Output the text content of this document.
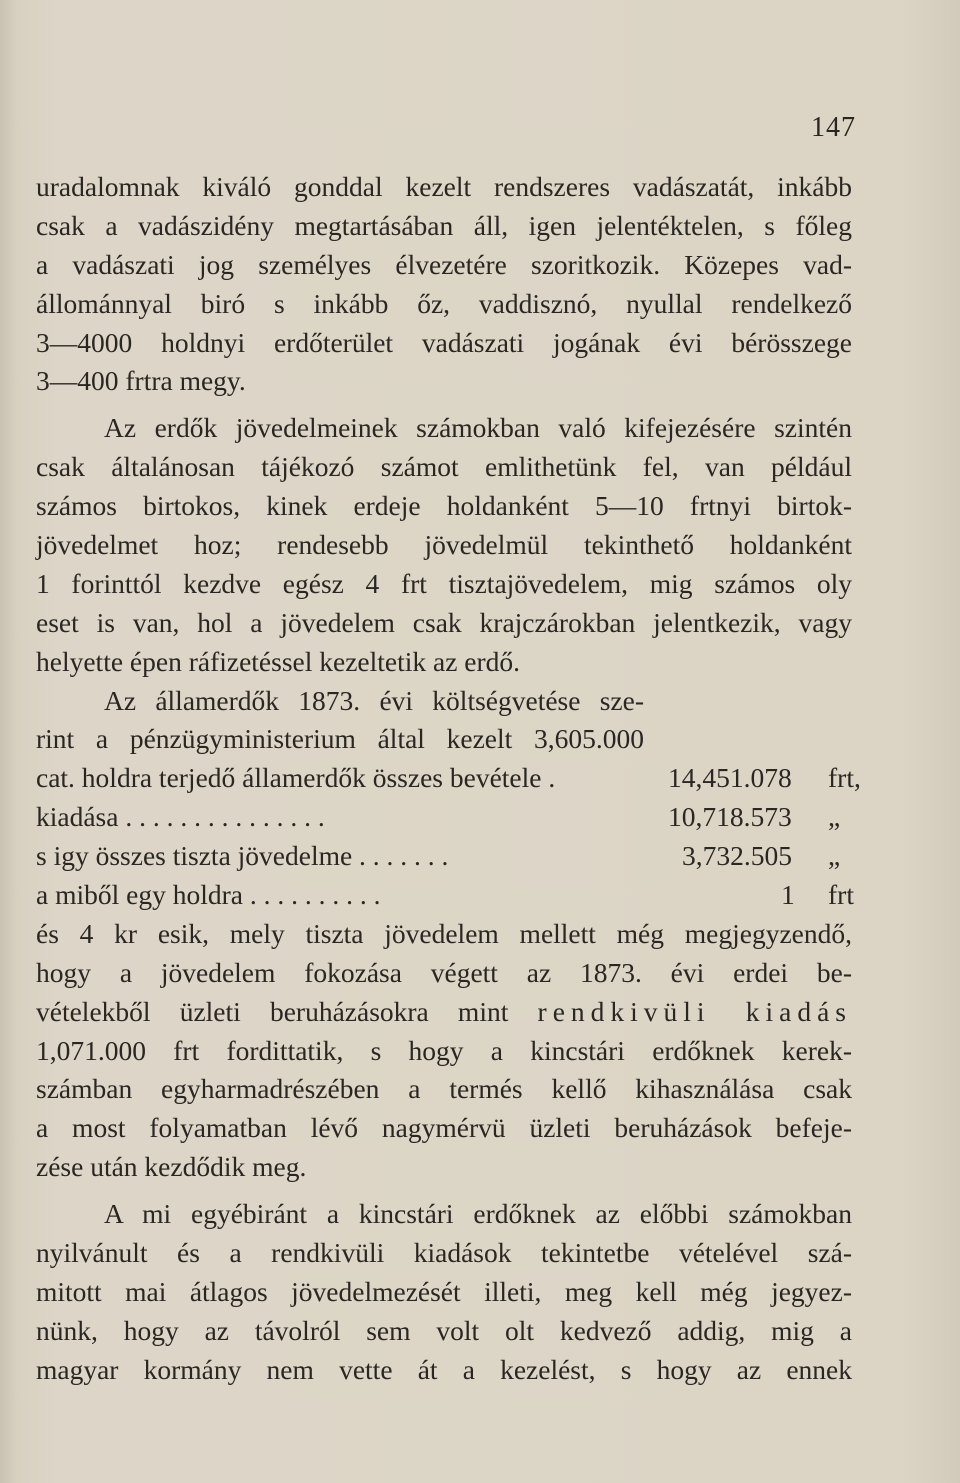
147
uradalomnak kiváló gonddal kezelt rendszeres vadászatát, inkább
csak a vadászidény megtartásában áll, igen jelentéktelen, s főleg
a vadászati jog személyes élvezetére szoritkozik. Közepes vad-
állománnyal biró s inkább őz, vaddisznó, nyullal rendelkező
3—4000 holdnyi erdőterület vadászati jogának évi bérösszege
3—400 frtra megy.
Az erdők jövedelmeinek számokban való kifejezésére szintén
csak általánosan tájékozó számot emlithetünk fel, van például
számos birtokos, kinek erdeje holdanként 5—10 frtnyi birtok-
jövedelmet hoz; rendesebb jövedelmül tekinthető holdanként
1 forinttól kezdve egész 4 frt tisztajövedelem, mig számos oly
eset is van, hol a jövedelem csak krajczárokban jelentkezik, vagy
helyette épen ráfizetéssel kezeltetik az erdő.
Az államerdők 1873. évi költségvetése sze-
rint a pénzügyministerium által kezelt 3,605.000
cat. holdra terjedő államerdők összes bevétele .	14,451.078 frt,
kiadása . . . . . . . . . . . . . . .	10,718.573 „
s igy összes tiszta jövedelme . . . . . . .	3,732.505 „
a miből egy holdra . . . . . . . . . .	1 frt
és 4 kr esik, mely tiszta jövedelem mellett még megjegyzendő,
hogy a jövedelem fokozása végett az 1873. évi erdei be-
vételekből üzleti beruházásokra mint rendkivüli kiadás
1,071.000 frt fordittatik, s hogy a kincstári erdőknek kerek-
számban egyharmadrészében a termés kellő kihasználása csak
a most folyamatban lévő nagymérvü üzleti beruházások befeje-
zése után kezdődik meg.
A mi egyébiránt a kincstári erdőknek az előbbi számokban
nyilvánult és a rendkivüli kiadások tekintetbe vételével szá-
mitott mai átlagos jövedelmezését illeti, meg kell még jegyez-
nünk, hogy az távolról sem volt olt kedvező addig, mig a
magyar kormány nem vette át a kezelést, s hogy az ennek
